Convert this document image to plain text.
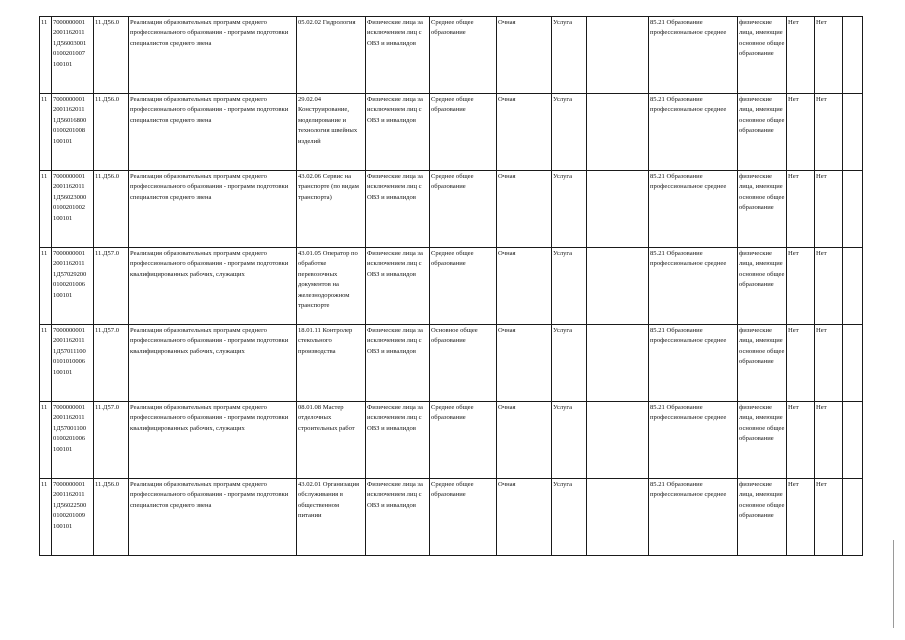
11	7000000001 2001162011 1Д56003001 0100201007 100101	11.Д56.0	Реализация образовательных программ среднего профессионального образования - программ подготовки специалистов среднего звена	05.02.02 Гидрология	Физические лица за исключением лиц с ОВЗ и инвалидов	Среднее общее образование	Очная	Услуга		85.21 Образование профессиональное среднее	физические лица, имеющие основное общее образование	Нет	Нет	
11	7000000001 2001162011 1Д56016800 0100201008 100101	11.Д56.0	Реализация образовательных программ среднего профессионального образования - программ подготовки специалистов среднего звена	29.02.04 Конструирование, моделирование и технология швейных изделий	Физические лица за исключением лиц с ОВЗ и инвалидов	Среднее общее образование	Очная	Услуга		85.21 Образование профессиональное среднее	физические лица, имеющие основное общее образование	Нет	Нет	
11	7000000001 2001162011 1Д56023000 0100201002 100101	11.Д56.0	Реализация образовательных программ среднего профессионального образования - программ подготовки специалистов среднего звена	43.02.06 Сервис на транспорте (по видам транспорта)	Физические лица за исключением лиц с ОВЗ и инвалидов	Среднее общее образование	Очная	Услуга		85.21 Образование профессиональное среднее	физические лица, имеющие основное общее образование	Нет	Нет	
11	7000000001 2001162011 1Д57029200 0100201006 100101	11.Д57.0	Реализация образовательных программ среднего профессионального образования - программ подготовки квалифицированных рабочих, служащих	43.01.05 Оператор по обработке перевозочных документов на железнодорожном транспорте	Физические лица за исключением лиц с ОВЗ и инвалидов	Среднее общее образование	Очная	Услуга		85.21 Образование профессиональное среднее	физические лица, имеющие основное общее образование	Нет	Нет	
11	7000000001 2001162011 1Д57011100 0101010006 100101	11.Д57.0	Реализация образовательных программ среднего профессионального образования - программ подготовки квалифицированных рабочих, служащих	18.01.11 Контролер стекольного производства	Физические лица за исключением лиц с ОВЗ и инвалидов	Основное общее образование	Очная	Услуга		85.21 Образование профессиональное среднее	физические лица, имеющие основное общее образование	Нет	Нет	
11	7000000001 2001162011 1Д57001100 0100201006 100101	11.Д57.0	Реализация образовательных программ среднего профессионального образования - программ подготовки квалифицированных рабочих, служащих	08.01.08 Мастер отделочных строительных работ	Физические лица за исключением лиц с ОВЗ и инвалидов	Среднее общее образование	Очная	Услуга		85.21 Образование профессиональное среднее	физические лица, имеющие основное общее образование	Нет	Нет	
11	7000000001 2001162011 1Д56022500 0100201009 100101	11.Д56.0	Реализация образовательных программ среднего профессионального образования - программ подготовки специалистов среднего звена	43.02.01 Организация обслуживания в общественном питании	Физические лица за исключением лиц с ОВЗ и инвалидов	Среднее общее образование	Очная	Услуга		85.21 Образование профессиональное среднее	физические лица, имеющие основное общее образование	Нет	Нет	
